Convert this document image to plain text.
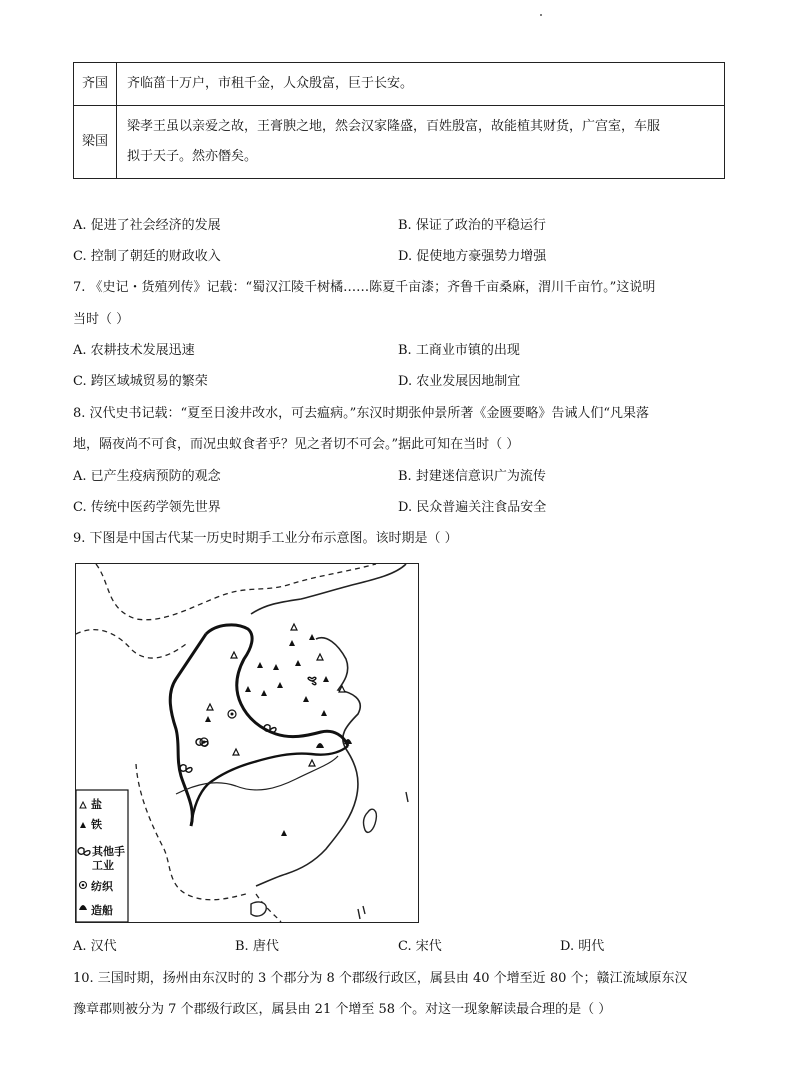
齐国	齐临菑十万户，市租千金，人众殷富，巨于长安。
梁国	梁孝王虽以亲爱之故，王膏腴之地，然会汉家隆盛，百姓殷富，故能植其财货，广宫室，车服
拟于天子。然亦僭矣。
A. 促进了社会经济的发展	B. 保证了政治的平稳运行
C. 控制了朝廷的财政收入	D. 促使地方豪强势力增强
7. 《史记・货殖列传》记载：“蜀汉江陵千树橘……陈夏千亩漆；齐鲁千亩桑麻，渭川千亩竹。”这说明
当时（ ）
A. 农耕技术发展迅速	B. 工商业市镇的出现
C. 跨区域城贸易的繁荣	D. 农业发展因地制宜
8. 汉代史书记载：“夏至日浚井改水，可去瘟病。”东汉时期张仲景所著《金匮要略》告诫人们“凡果落
地，隔夜尚不可食，而况虫蚁食者乎？见之者切不可会。”据此可知在当时（ ）
A. 已产生疫病预防的观念	B. 封建迷信意识广为流传
C. 传统中医药学领先世界	D. 民众普遍关注食品安全
9. 下图是中国古代某一历史时期手工业分布示意图。该时期是（ ）
盐
铁
其他手
工业
纺织
造船
A. 汉代	B. 唐代	C. 宋代	D. 明代
10. 三国时期，扬州由东汉时的 3 个郡分为 8 个郡级行政区，属县由 40 个增至近 80 个；赣江流域原东汉
豫章郡则被分为 7 个郡级行政区，属县由 21 个增至 58 个。对这一现象解读最合理的是（ ）
